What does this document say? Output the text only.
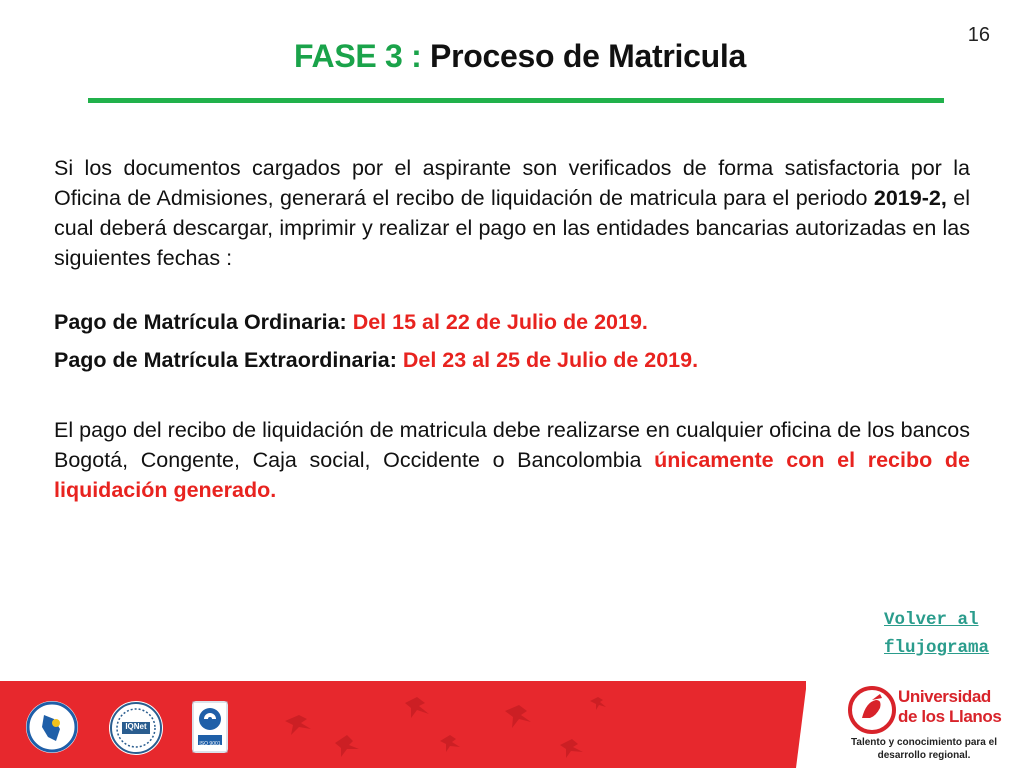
16
FASE 3 : Proceso de Matricula

Si los documentos cargados por el aspirante son verificados de forma satisfactoria por la Oficina de Admisiones, generará el recibo de liquidación de matricula para el periodo 2019-2, el cual deberá descargar, imprimir y realizar el pago en las entidades bancarias autorizadas en las siguientes fechas :

Pago de Matrícula Ordinaria: Del 15 al 22 de Julio de 2019.

Pago de Matrícula Extraordinaria: Del 23 al 25 de Julio de 2019.

El pago del recibo de liquidación de matricula debe realizarse en cualquier oficina de los bancos  Bogotá, Congente, Caja social, Occidente o Bancolombia únicamente con el recibo de liquidación generado.

Volver al
flujograma
IQNet
ISO 9001
Universidad
de los Llanos
Talento y conocimiento para el
desarrollo regional.
